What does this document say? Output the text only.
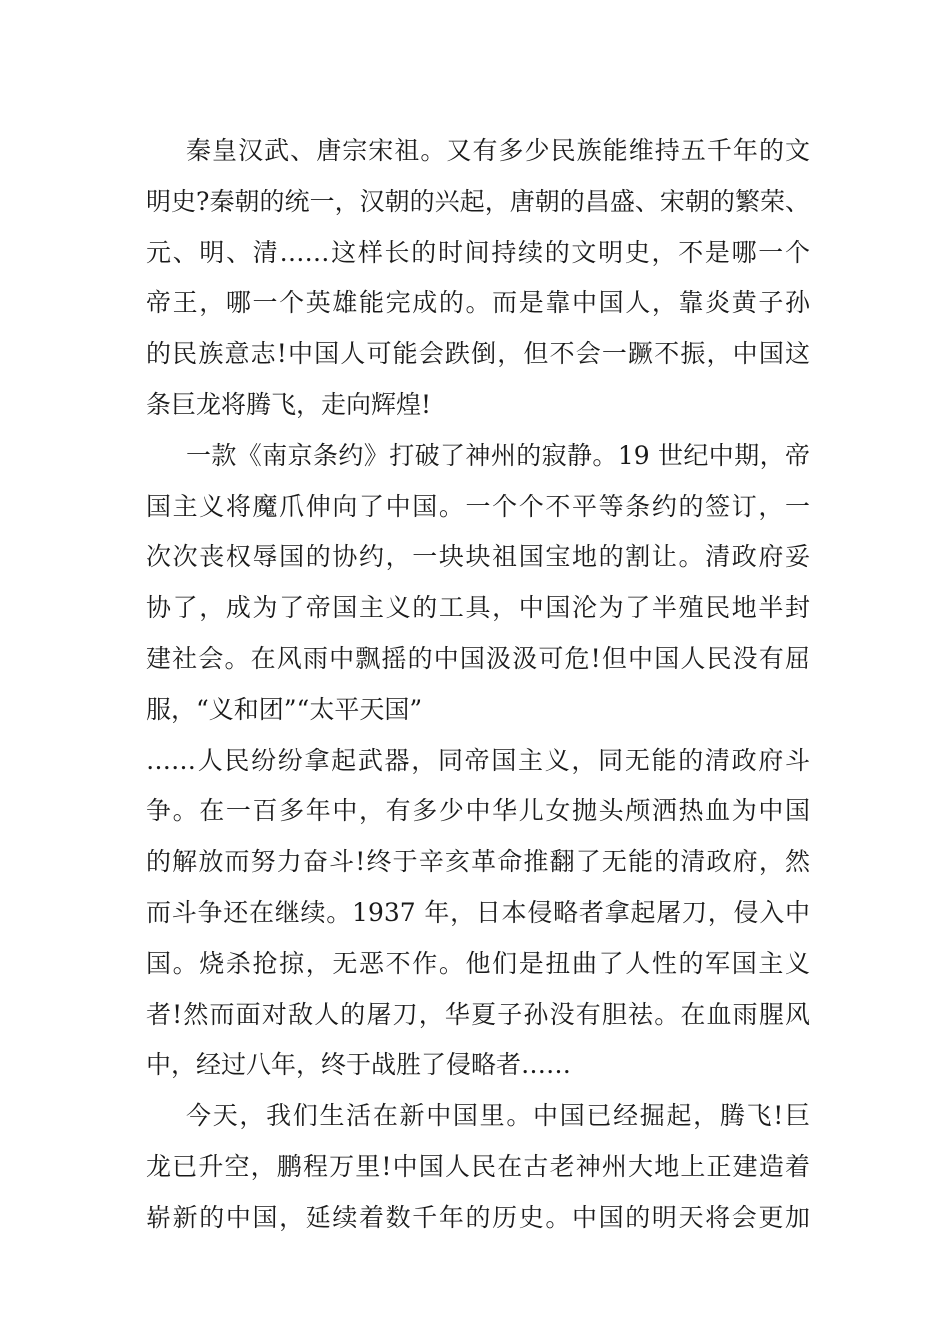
秦皇汉武、唐宗宋祖。又有多少民族能维持五千年的文
明史?秦朝的统一，汉朝的兴起，唐朝的昌盛、宋朝的繁荣、
元、明、清……这样长的时间持续的文明史，不是哪一个
帝王，哪一个英雄能完成的。而是靠中国人，靠炎黄子孙
的民族意志!中国人可能会跌倒，但不会一蹶不振，中国这
条巨龙将腾飞，走向辉煌!
一款《南京条约》打破了神州的寂静。19 世纪中期，帝
国主义将魔爪伸向了中国。一个个不平等条约的签订，一
次次丧权辱国的协约，一块块祖国宝地的割让。清政府妥
协了，成为了帝国主义的工具，中国沦为了半殖民地半封
建社会。在风雨中飘摇的中国汲汲可危!但中国人民没有屈
服，“义和团”“太平天国”
……人民纷纷拿起武器，同帝国主义，同无能的清政府斗
争。在一百多年中，有多少中华儿女抛头颅洒热血为中国
的解放而努力奋斗!终于辛亥革命推翻了无能的清政府，然
而斗争还在继续。1937 年，日本侵略者拿起屠刀，侵入中
国。烧杀抢掠，无恶不作。他们是扭曲了人性的军国主义
者!然而面对敌人的屠刀，华夏子孙没有胆祛。在血雨腥风
中，经过八年，终于战胜了侵略者……
今天，我们生活在新中国里。中国已经掘起，腾飞!巨
龙已升空，鹏程万里!中国人民在古老神州大地上正建造着
崭新的中国，延续着数千年的历史。中国的明天将会更加
